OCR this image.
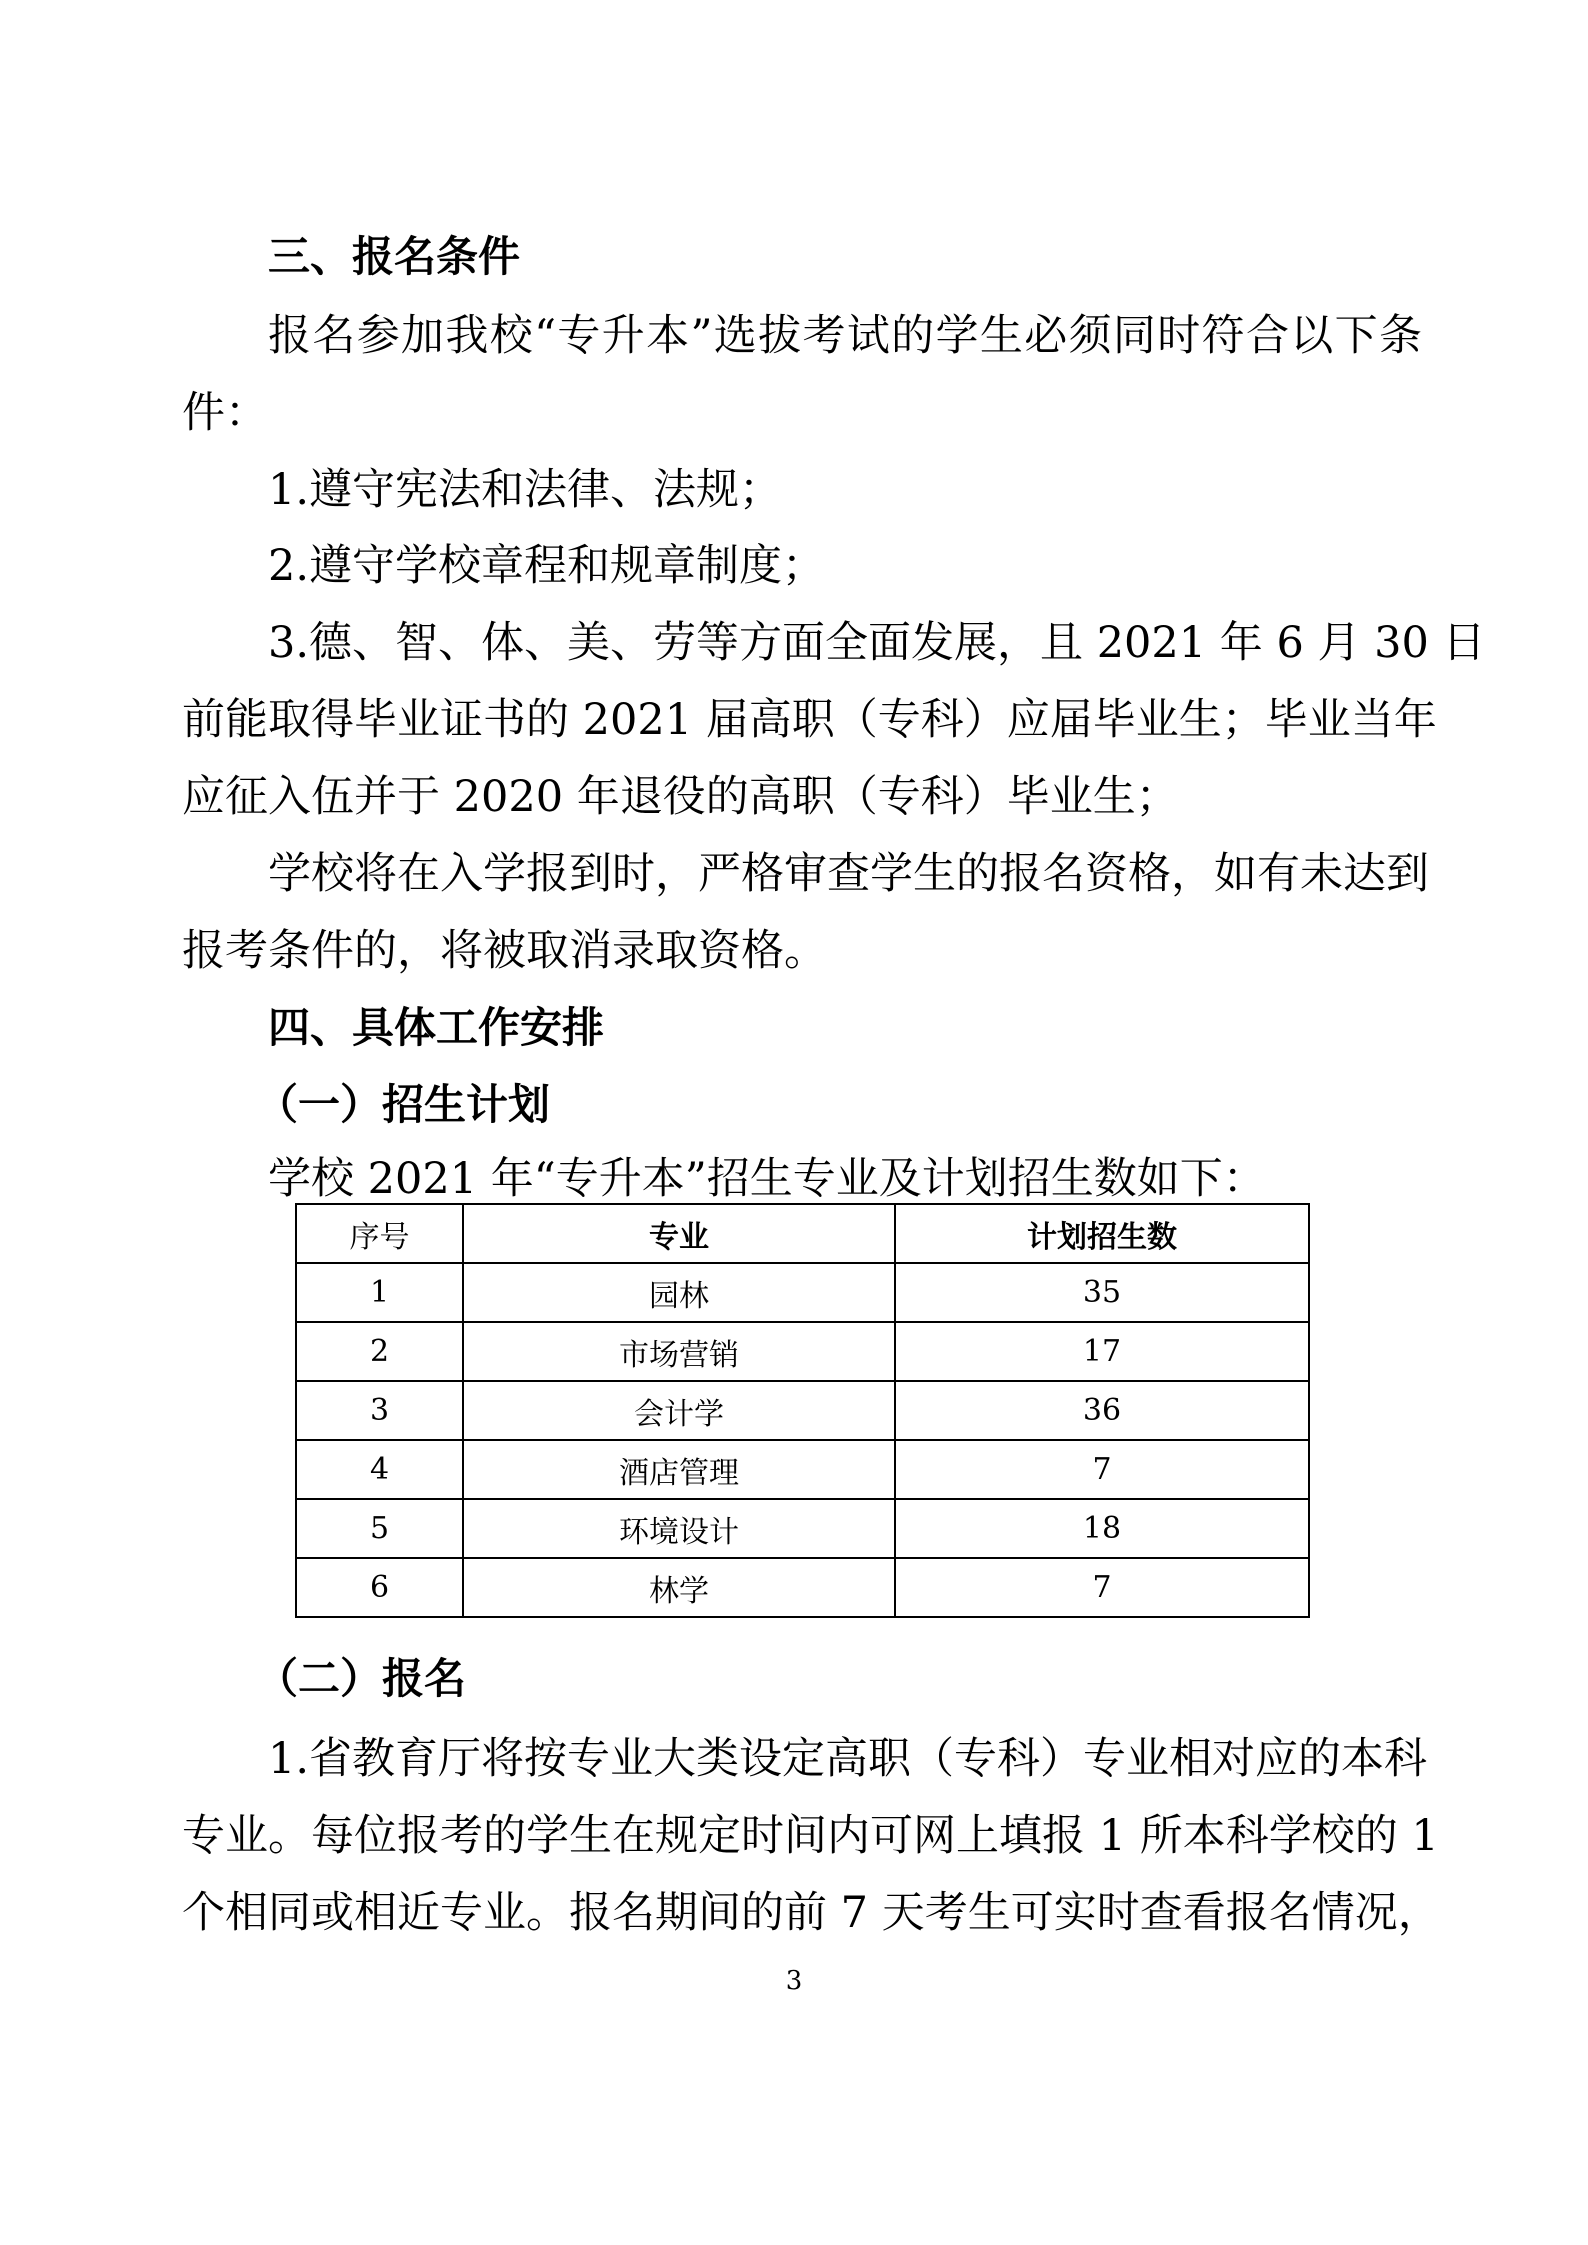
三、报名条件
报名参加我校“专升本”选拔考试的学生必须同时符合以下条
件：
1.遵守宪法和法律、法规；
2.遵守学校章程和规章制度；
3.德、智、体、美、劳等方面全面发展，且 2021 年 6 月 30 日
前能取得毕业证书的 2021 届高职（专科）应届毕业生；毕业当年
应征入伍并于 2020 年退役的高职（专科）毕业生；
学校将在入学报到时，严格审查学生的报名资格，如有未达到
报考条件的，将被取消录取资格。
四、具体工作安排
（一）招生计划
学校 2021 年“专升本”招生专业及计划招生数如下：
序号	专业	计划招生数
1	园林	35
2	市场营销	17
3	会计学	36
4	酒店管理	7
5	环境设计	18
6	林学	7
（二）报名
1.省教育厅将按专业大类设定高职（专科）专业相对应的本科
专业。每位报考的学生在规定时间内可网上填报 1 所本科学校的 1
个相同或相近专业。报名期间的前 7 天考生可实时查看报名情况，
3
